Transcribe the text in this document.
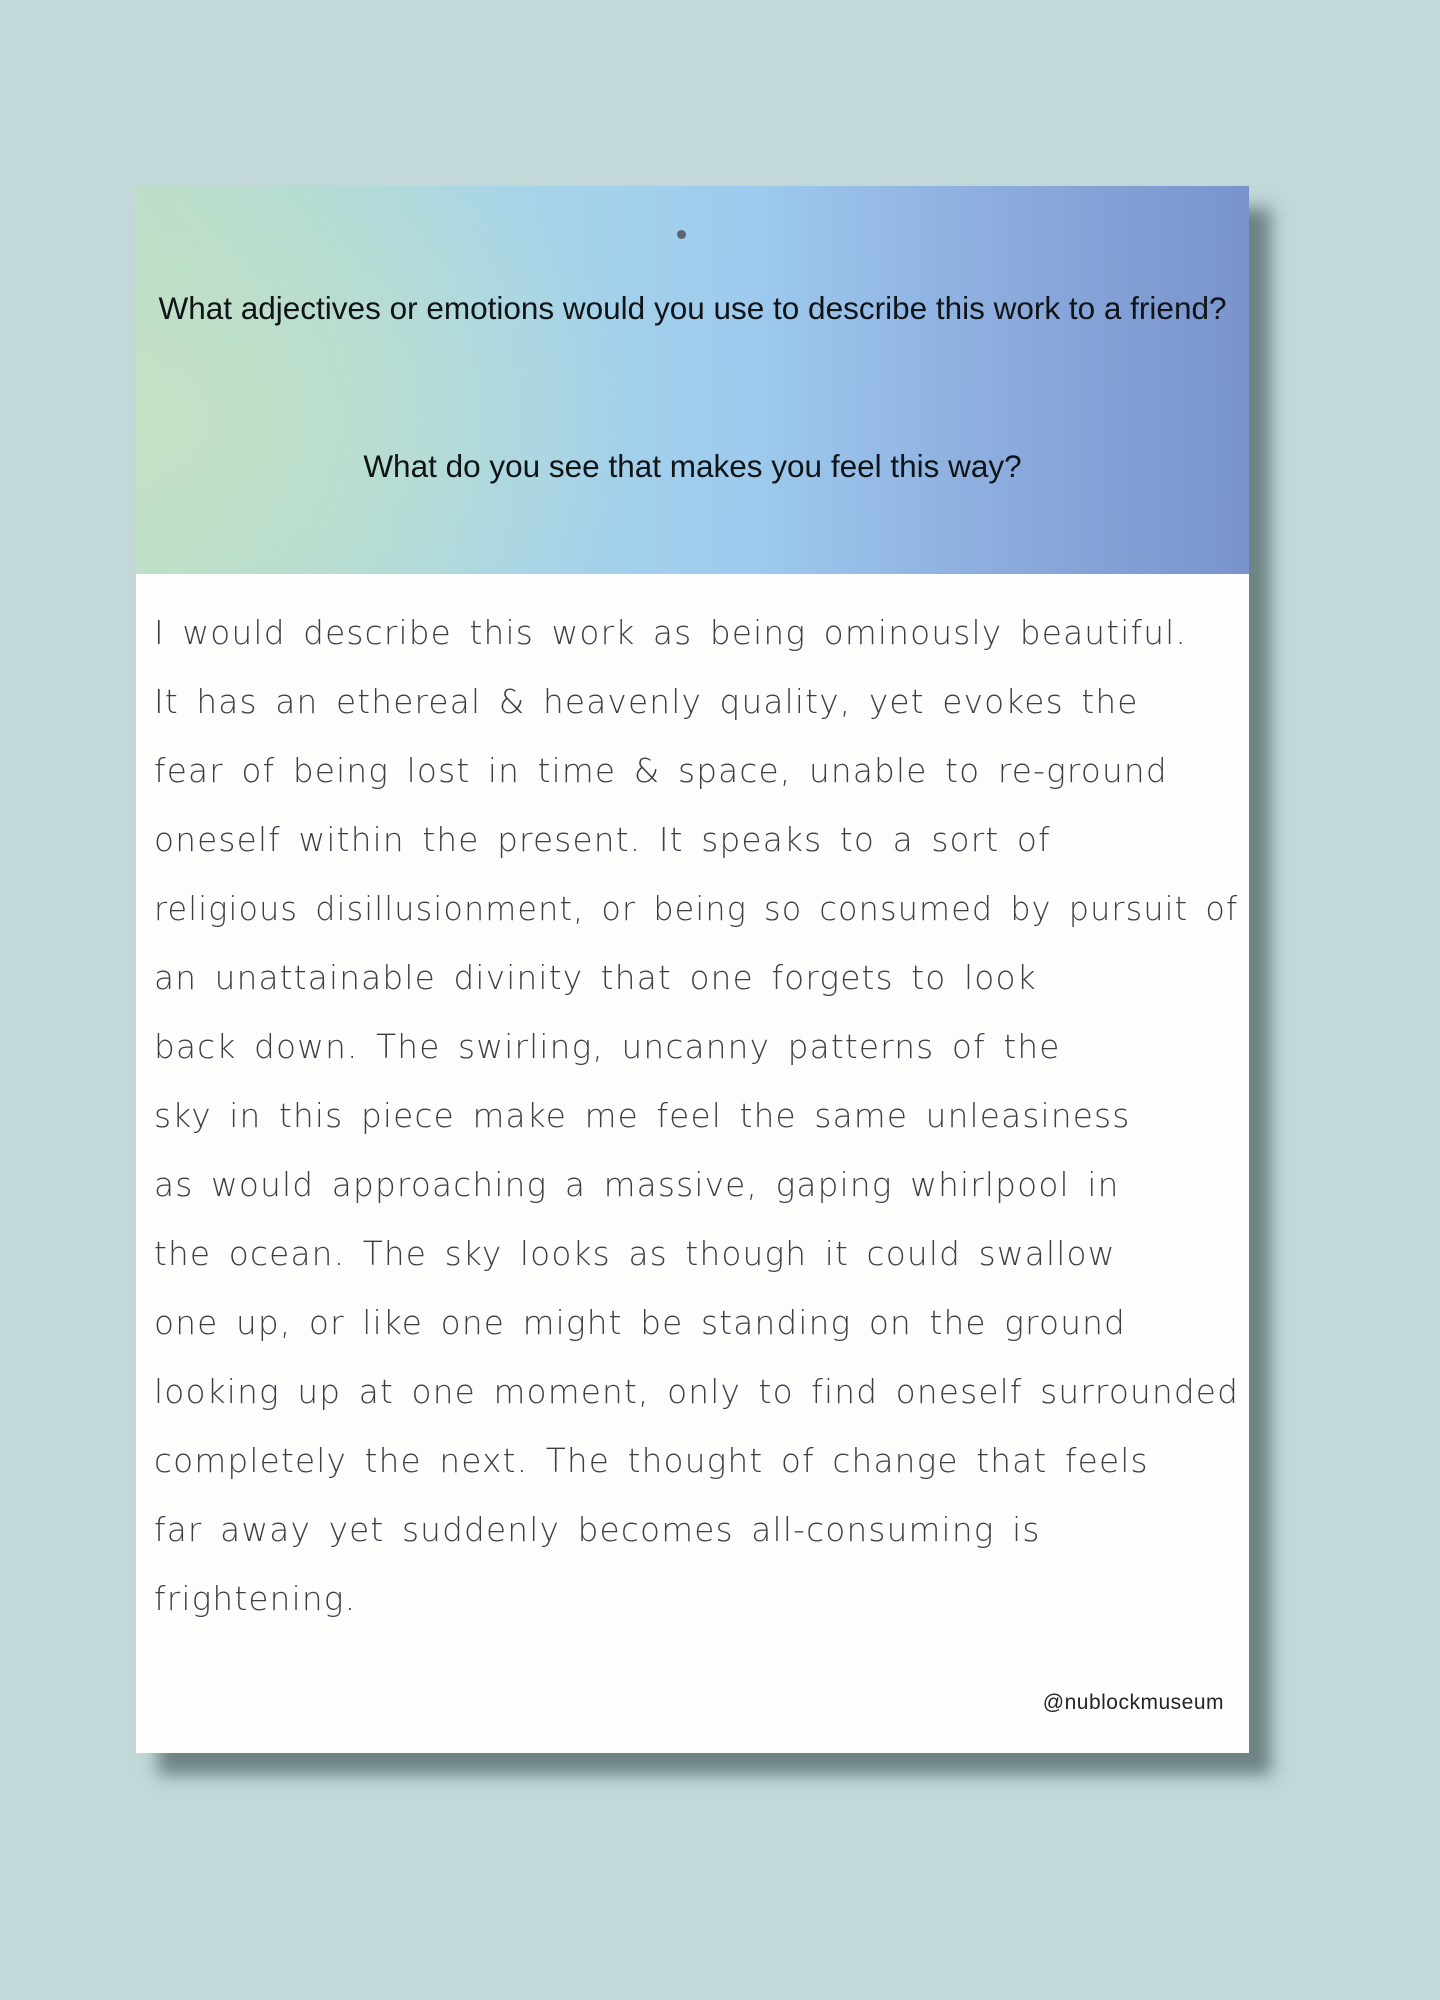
What adjectives or emotions would you use to describe this work to a friend?

What do you see that makes you feel this way?

I would describe this work as being ominously beautiful.
It has an ethereal & heavenly quality, yet evokes the
fear of being lost in time & space, unable to re-ground
oneself within the present. It speaks to a sort of
religious disillusionment, or being so consumed by pursuit of
an unattainable divinity that one forgets to look
back down. The swirling, uncanny patterns of the
sky in this piece make me feel the same unleasiness
as would approaching a massive, gaping whirlpool in
the ocean. The sky looks as though it could swallow
one up, or like one might be standing on the ground
looking up at one moment, only to find oneself surrounded
completely the next. The thought of change that feels
far away yet suddenly becomes all-consuming is
frightening.
@nublockmuseum
